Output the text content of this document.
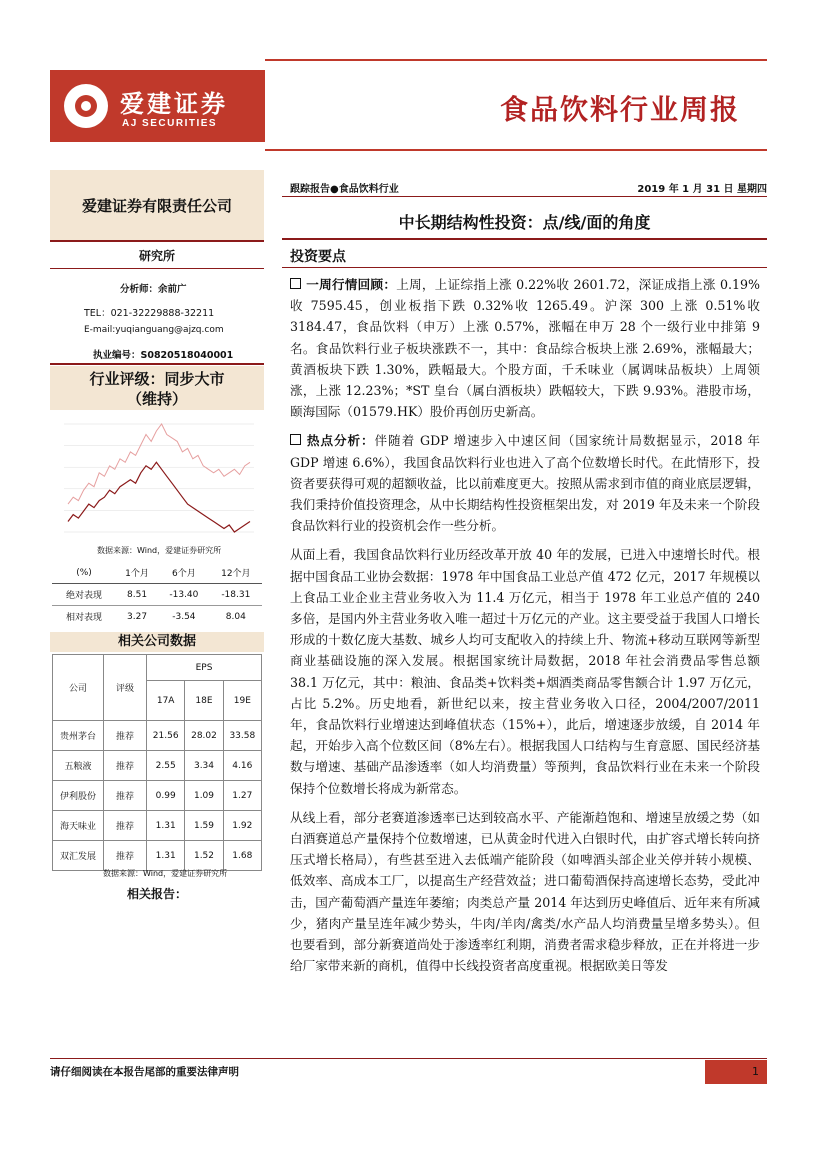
爱建证券
AJ SECURITIES	食品饮料行业周报
爱建证券有限责任公司
研究所
分析师：余前广
TEL：021-32229888-32211
E-mail:yuqianguang@ajzq.com
执业编号：S0820518040001
行业评级：同步大市
（维持）
数据来源：Wind，爱建证券研究所
(%)	1个月	6个月	12个月
绝对表现	8.51	-13.40	-18.31
相对表现	3.27	-3.54	8.04
相关公司数据
公司	评级	EPS		
		17A	18E	19E
贵州茅台	推荐	21.56	28.02	33.58
五粮液	推荐	2.55	3.34	4.16
伊利股份	推荐	0.99	1.09	1.27
海天味业	推荐	1.31	1.59	1.92
双汇发展	推荐	1.31	1.52	1.68
数据来源：Wind，爱建证券研究所
相关报告：
跟踪报告●食品饮料行业	2019 年 1 月 31 日 星期四
中长期结构性投资：点/线/面的角度
投资要点

一周行情回顾：上周，上证综指上涨 0.22%收 2601.72，深证成指上涨 0.19%收 7595.45，创业板指下跌 0.32%收 1265.49。沪深 300 上涨 0.51%收 3184.47，食品饮料（申万）上涨 0.57%，涨幅在申万 28 个一级行业中排第 9 名。食品饮料行业子板块涨跌不一，其中：食品综合板块上涨 2.69%，涨幅最大；黄酒板块下跌 1.30%，跌幅最大。个股方面，千禾味业（属调味品板块）上周领涨，上涨 12.23%；*ST 皇台（属白酒板块）跌幅较大，下跌 9.93%。港股市场，颐海国际（01579.HK）股价再创历史新高。

热点分析：伴随着 GDP 增速步入中速区间（国家统计局数据显示，2018 年 GDP 增速 6.6%），我国食品饮料行业也进入了高个位数增长时代。在此情形下，投资者要获得可观的超额收益，比以前难度更大。按照从需求到市值的商业底层逻辑，我们秉持价值投资理念，从中长期结构性投资框架出发，对 2019 年及未来一个阶段食品饮料行业的投资机会作一些分析。

从面上看，我国食品饮料行业历经改革开放 40 年的发展，已进入中速增长时代。根据中国食品工业协会数据：1978 年中国食品工业总产值 472 亿元，2017 年规模以上食品工业企业主营业务收入为 11.4 万亿元，相当于 1978 年工业总产值的 240 多倍，是国内外主营业务收入唯一超过十万亿元的产业。这主要受益于我国人口增长形成的十数亿庞大基数、城乡人均可支配收入的持续上升、物流+移动互联网等新型商业基础设施的深入发展。根据国家统计局数据，2018 年社会消费品零售总额 38.1 万亿元，其中：粮油、食品类+饮料类+烟酒类商品零售额合计 1.97 万亿元，占比 5.2%。历史地看，新世纪以来，按主营业务收入口径，2004/2007/2011 年，食品饮料行业增速达到峰值状态（15%+），此后，增速逐步放缓，自 2014 年起，开始步入高个位数区间（8%左右）。根据我国人口结构与生育意愿、国民经济基数与增速、基础产品渗透率（如人均消费量）等预判，食品饮料行业在未来一个阶段保持个位数增长将成为新常态。

从线上看，部分老赛道渗透率已达到较高水平、产能渐趋饱和、增速呈放缓之势（如白酒赛道总产量保持个位数增速，已从黄金时代进入白银时代，由扩容式增长转向挤压式增长格局），有些甚至进入去低端产能阶段（如啤酒头部企业关停并转小规模、低效率、高成本工厂，以提高生产经营效益；进口葡萄酒保持高速增长态势，受此冲击，国产葡萄酒产量连年萎缩；肉类总产量 2014 年达到历史峰值后、近年来有所减少，猪肉产量呈连年减少势头，牛肉/羊肉/禽类/水产品人均消费量呈增多势头）。但也要看到，部分新赛道尚处于渗透率红利期，消费者需求稳步释放，正在并将进一步给厂家带来新的商机，值得中长线投资者高度重视。根据欧美日等发

请仔细阅读在本报告尾部的重要法律声明	1
